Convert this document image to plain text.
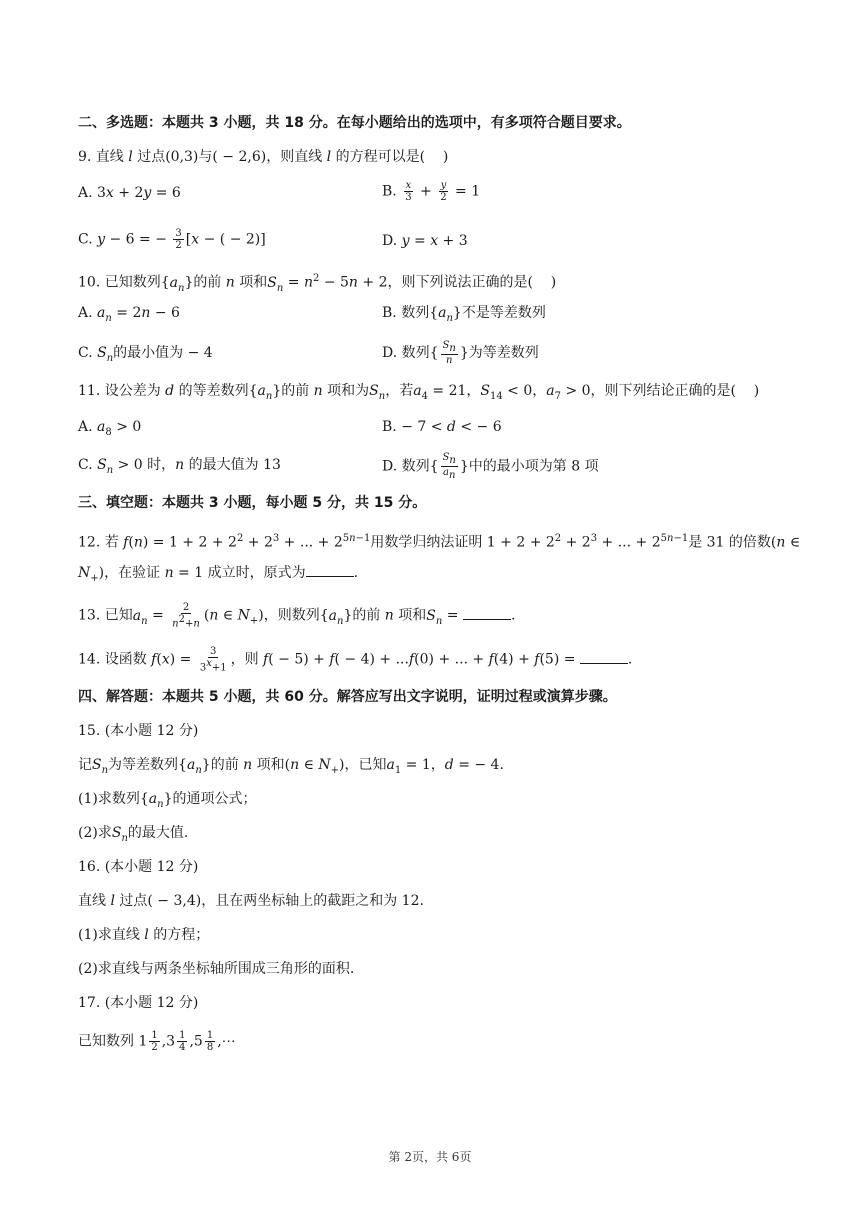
二、多选题：本题共 3 小题，共 18 分。在每小题给出的选项中，有多项符合题目要求。
9. 直线 l 过点(0,3)与( − 2,6)，则直线 l 的方程可以是(    )
A. 3x + 2y = 6	B. $\frac{x}{3} + \frac{y}{2} = 1$
C. y − 6 = − $\frac{3}{2} [x$ − ( − 2)]	D. y = x + 3
10. 已知数列$\{a_n\}$的前 n 项和$S_n = n^2 - 5n + 2$，则下列说法正确的是(    )
A. $a_n = 2n - 6$	B. 数列$\{a_n\}$不是等差数列
C. $S_n$的最小值为 − 4	D. 数列{ $\frac{S_n}{n}$ }为等差数列
11. 设公差为 d 的等差数列$\{a_n\}$的前 n 项和为$S_n$，若$a_4 = 21$，$S_{14} < 0$，$a_7 > 0$，则下列结论正确的是(    )
A. $a_8 > 0$	B. − 7 < d < − 6
C. $S_n > 0$ 时，n 的最大值为 13	D. 数列{ $\frac{S_n}{a_n}$ }中的最小项为第 8 项
三、填空题：本题共 3 小题，每小题 5 分，共 15 分。
12. 若 $f(n) = 1 + 2 + 2^2 + 2^3$ + ... + $2^{5n-1}$用数学归纳法证明 $1 + 2 + 2^2 + 2^3$ + ... + $2^{5n-1}$是 31 的倍数(n ∈
$N_+$)，在验证 n = 1 成立时，原式为	.
13. 已知$a_n = \frac{2}{n^2+n} (n$ ∈ $N_+$)，则数列$\{a_n\}$的前 n 项和$S_n$ =	.
14. 设函数 $f(x) = \frac{3}{3^x+1}$ ，则 f( − 5) + f( − 4) + ...f(0) + ... + f(4) + f(5) =	.
四、解答题：本题共 5 小题，共 60 分。解答应写出文字说明，证明过程或演算步骤。
15. (本小题 12 分)
记$S_n$为等差数列$\{a_n\}$的前 n 项和(n ∈ $N_+$)，已知$a_1 = 1$，d = − 4.
(1)求数列$\{a_n\}$的通项公式；
(2)求$S_n$的最大值.
16. (本小题 12 分)
直线 l 过点( − 3,4)，且在两坐标轴上的截距之和为 12.
(1)求直线 l 的方程；
(2)求直线与两条坐标轴所围成三角形的面积.
17. (本小题 12 分)
已知数列 $1 \frac{1}{2} ,3 \frac{1}{4} ,5 \frac{1}{8}$ ,⋯
第 2页，共 6页
